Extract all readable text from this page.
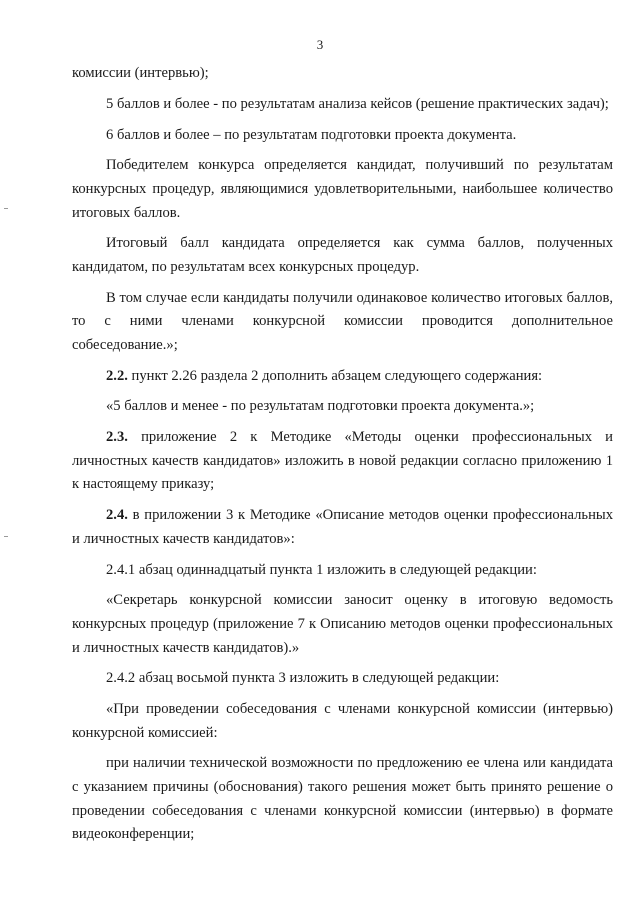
3

комиссии (интервью);

5 баллов и более - по результатам анализа кейсов (решение практических задач);

6 баллов и более – по результатам подготовки проекта документа.

Победителем конкурса определяется кандидат, получивший по результатам конкурсных процедур, являющимися удовлетворительными, наибольшее количество итоговых баллов.

Итоговый балл кандидата определяется как сумма баллов, полученных кандидатом, по результатам всех конкурсных процедур.

В том случае если кандидаты получили одинаковое количество итоговых баллов, то с ними членами конкурсной комиссии проводится дополнительное собеседование.»;

2.2. пункт 2.26 раздела 2 дополнить абзацем следующего содержания:

«5 баллов и менее - по результатам подготовки проекта документа.»;

2.3. приложение 2 к Методике «Методы оценки профессиональных и личностных качеств кандидатов» изложить в новой редакции согласно приложению 1 к настоящему приказу;

2.4. в приложении 3 к Методике «Описание методов оценки профессиональных и личностных качеств кандидатов»:

2.4.1 абзац одиннадцатый пункта 1 изложить в следующей редакции:

«Секретарь конкурсной комиссии заносит оценку в итоговую ведомость конкурсных процедур (приложение 7 к Описанию методов оценки профессиональных и личностных качеств кандидатов).»

2.4.2 абзац восьмой пункта 3 изложить в следующей редакции:

«При проведении собеседования с членами конкурсной комиссии (интервью) конкурсной комиссией:

при наличии технической возможности по предложению ее члена или кандидата с указанием причины (обоснования) такого решения может быть принято решение о проведении собеседования с членами конкурсной комиссии (интервью) в формате видеоконференции;
